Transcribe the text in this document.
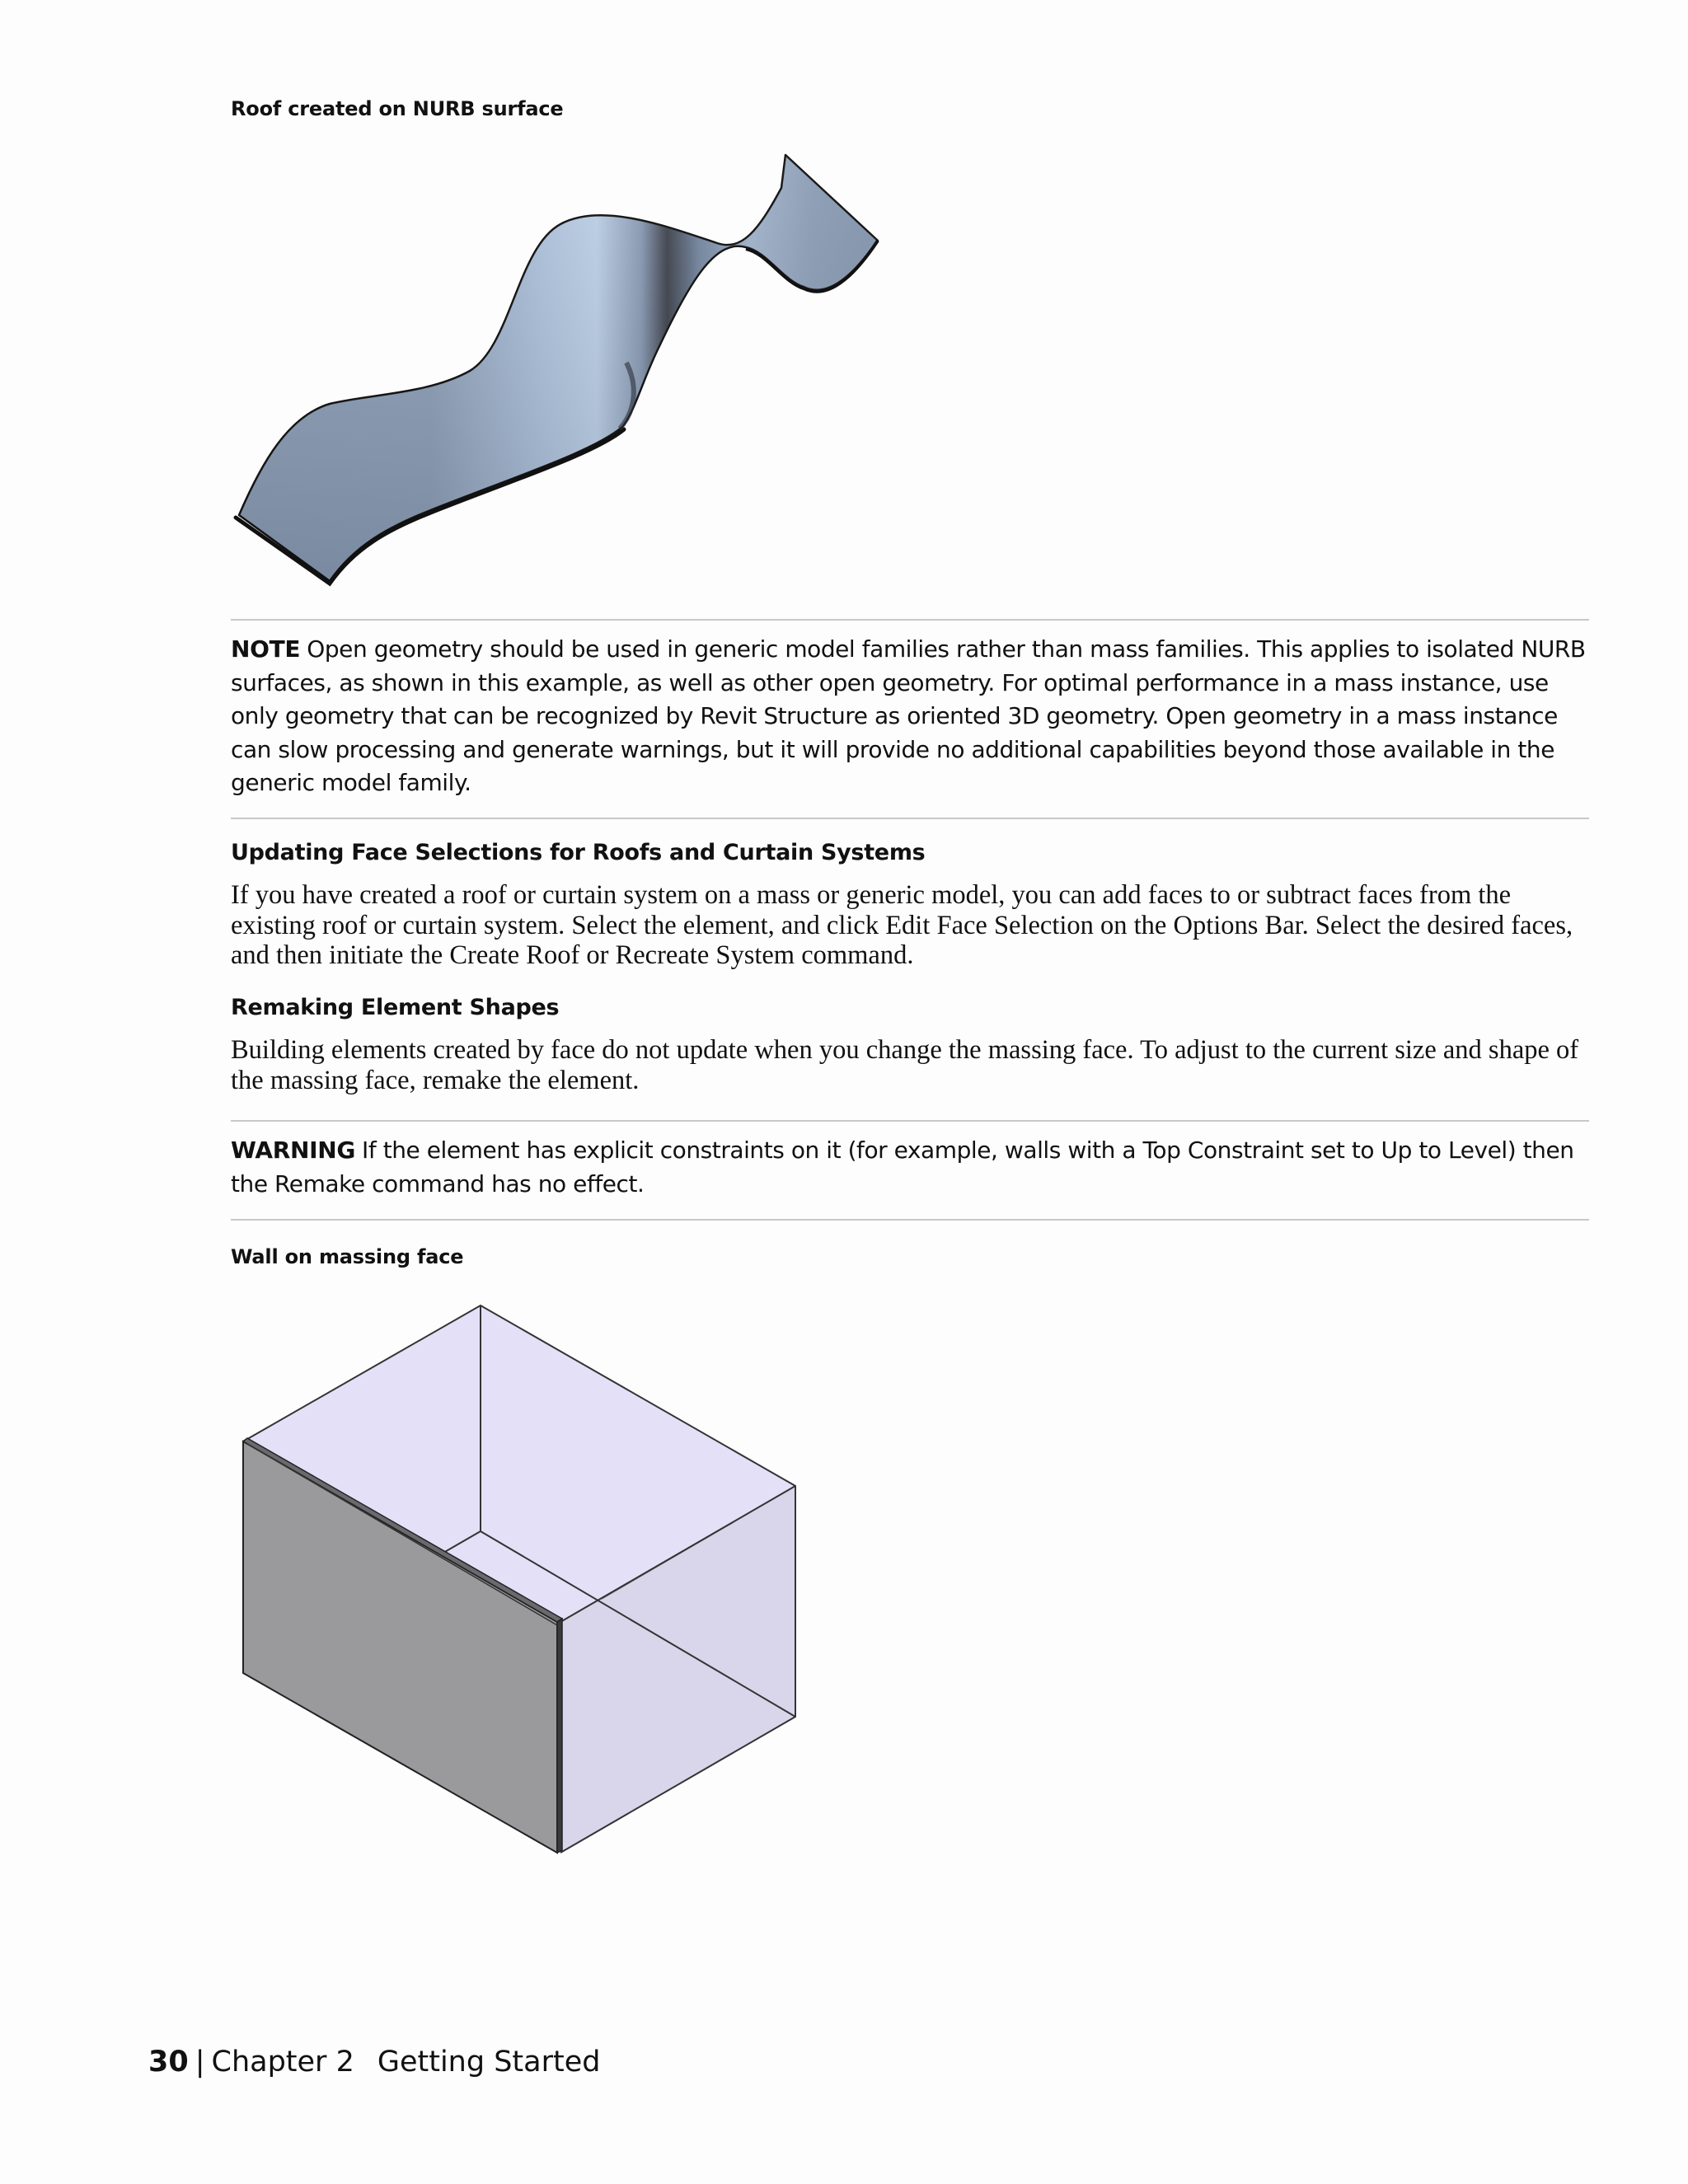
Roof created on NURB surface
NOTE Open geometry should be used in generic model families rather than mass families. This applies to isolated NURB surfaces, as shown in this example, as well as other open geometry. For optimal performance in a mass instance, use only geometry that can be recognized by Revit Structure as oriented 3D geometry. Open geometry in a mass instance can slow processing and generate warnings, but it will provide no additional capabilities beyond those available in the generic model family.
Updating Face Selections for Roofs and Curtain Systems
If you have created a roof or curtain system on a mass or generic model, you can add faces to or subtract faces from the existing roof or curtain system. Select the element, and click Edit Face Selection on the Options Bar. Select the desired faces, and then initiate the Create Roof or Recreate System command.
Remaking Element Shapes
Building elements created by face do not update when you change the massing face. To adjust to the current size and shape of the massing face, remake the element.
WARNING If the element has explicit constraints on it (for example, walls with a Top Constraint set to Up to Level) then the Remake command has no effect.
Wall on massing face
30 | Chapter 2 Getting Started
